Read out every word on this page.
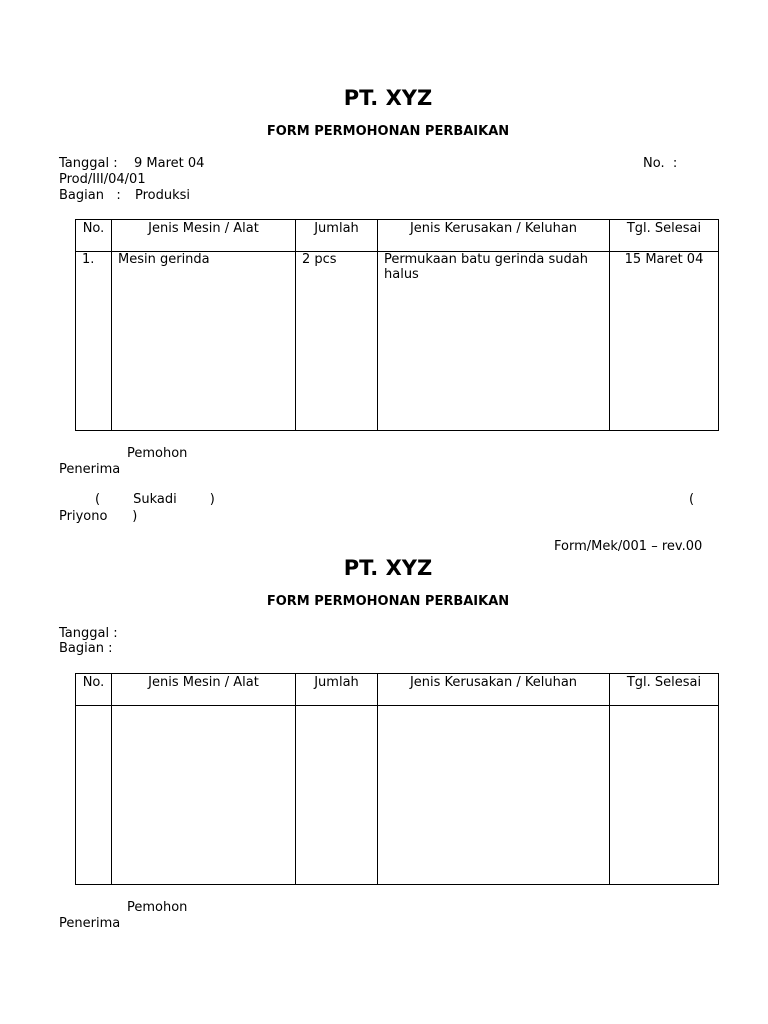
PT. XYZ
FORM PERMOHONAN PERBAIKAN
Tanggal : 9 Maret 04	No.  :
Prod/III/04/01
Bagian   : Produksi
No.	Jenis Mesin / Alat	Jumlah	Jenis Kerusakan / Keluhan	Tgl. Selesai
1.	Mesin gerinda	2 pcs	Permukaan batu gerinda sudah halus	15 Maret 04
Pemohon
Penerima
(        Sukadi        )	(
Priyono      )
Form/Mek/001 – rev.00
PT. XYZ
FORM PERMOHONAN PERBAIKAN
Tanggal :
Bagian :
No.	Jenis Mesin / Alat	Jumlah	Jenis Kerusakan / Keluhan	Tgl. Selesai

Pemohon
Penerima
